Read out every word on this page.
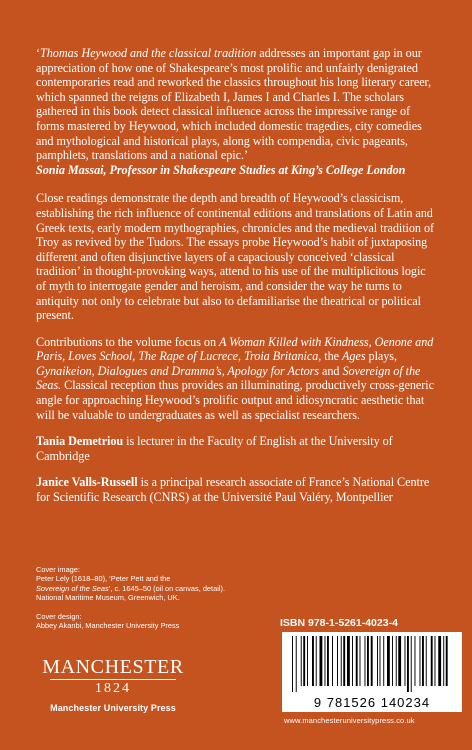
‘Thomas Heywood and the classical tradition addresses an important gap in our appreciation of how one of Shakespeare’s most prolific and unfairly denigrated contemporaries read and reworked the classics throughout his long literary career, which spanned the reigns of Elizabeth I, James I and Charles I. The scholars gathered in this book detect classical influence across the impressive range of forms mastered by Heywood, which included domestic tragedies, city comedies and mythological and historical plays, along with compendia, civic pageants, pamphlets, translations and a national epic.’
Sonia Massai, Professor in Shakespeare Studies at King’s College London

Close readings demonstrate the depth and breadth of Heywood’s classicism, establishing the rich influence of continental editions and translations of Latin and Greek texts, early modern mythographies, chronicles and the medieval tradition of Troy as revived by the Tudors. The essays probe Heywood’s habit of juxtaposing different and often disjunctive layers of a capaciously conceived ‘classical tradition’ in thought-provoking ways, attend to his use of the multiplicitous logic of myth to interrogate gender and heroism, and consider the way he turns to antiquity not only to celebrate but also to defamiliarise the theatrical or political present.

Contributions to the volume focus on A Woman Killed with Kindness, Oenone and Paris, Loves School, The Rape of Lucrece, Troia Britanica, the Ages plays, Gynaikeion, Dialogues and Dramma’s, Apology for Actors and Sovereign of the Seas. Classical reception thus provides an illuminating, productively cross-generic angle for approaching Heywood’s prolific output and idiosyncratic aesthetic that will be valuable to undergraduates as well as specialist researchers.

Tania Demetriou is lecturer in the Faculty of English at the University of Cambridge

Janice Valls-Russell is a principal research associate of France’s National Centre for Scientific Research (CNRS) at the Université Paul Valéry, Montpellier

Cover image:
Peter Lely (1618–80), ‘Peter Pett and the
Sovereign of the Seas’, c. 1645–50 (oil on canvas, detail). National Maritime Museum, Greenwich, UK.
Cover design:
Abbey Akanbi, Manchester University Press
MANCHESTER
1824
Manchester University Press
ISBN 978-1-5261-4023-4
9 781526 140234
www.manchesteruniversitypress.co.uk
